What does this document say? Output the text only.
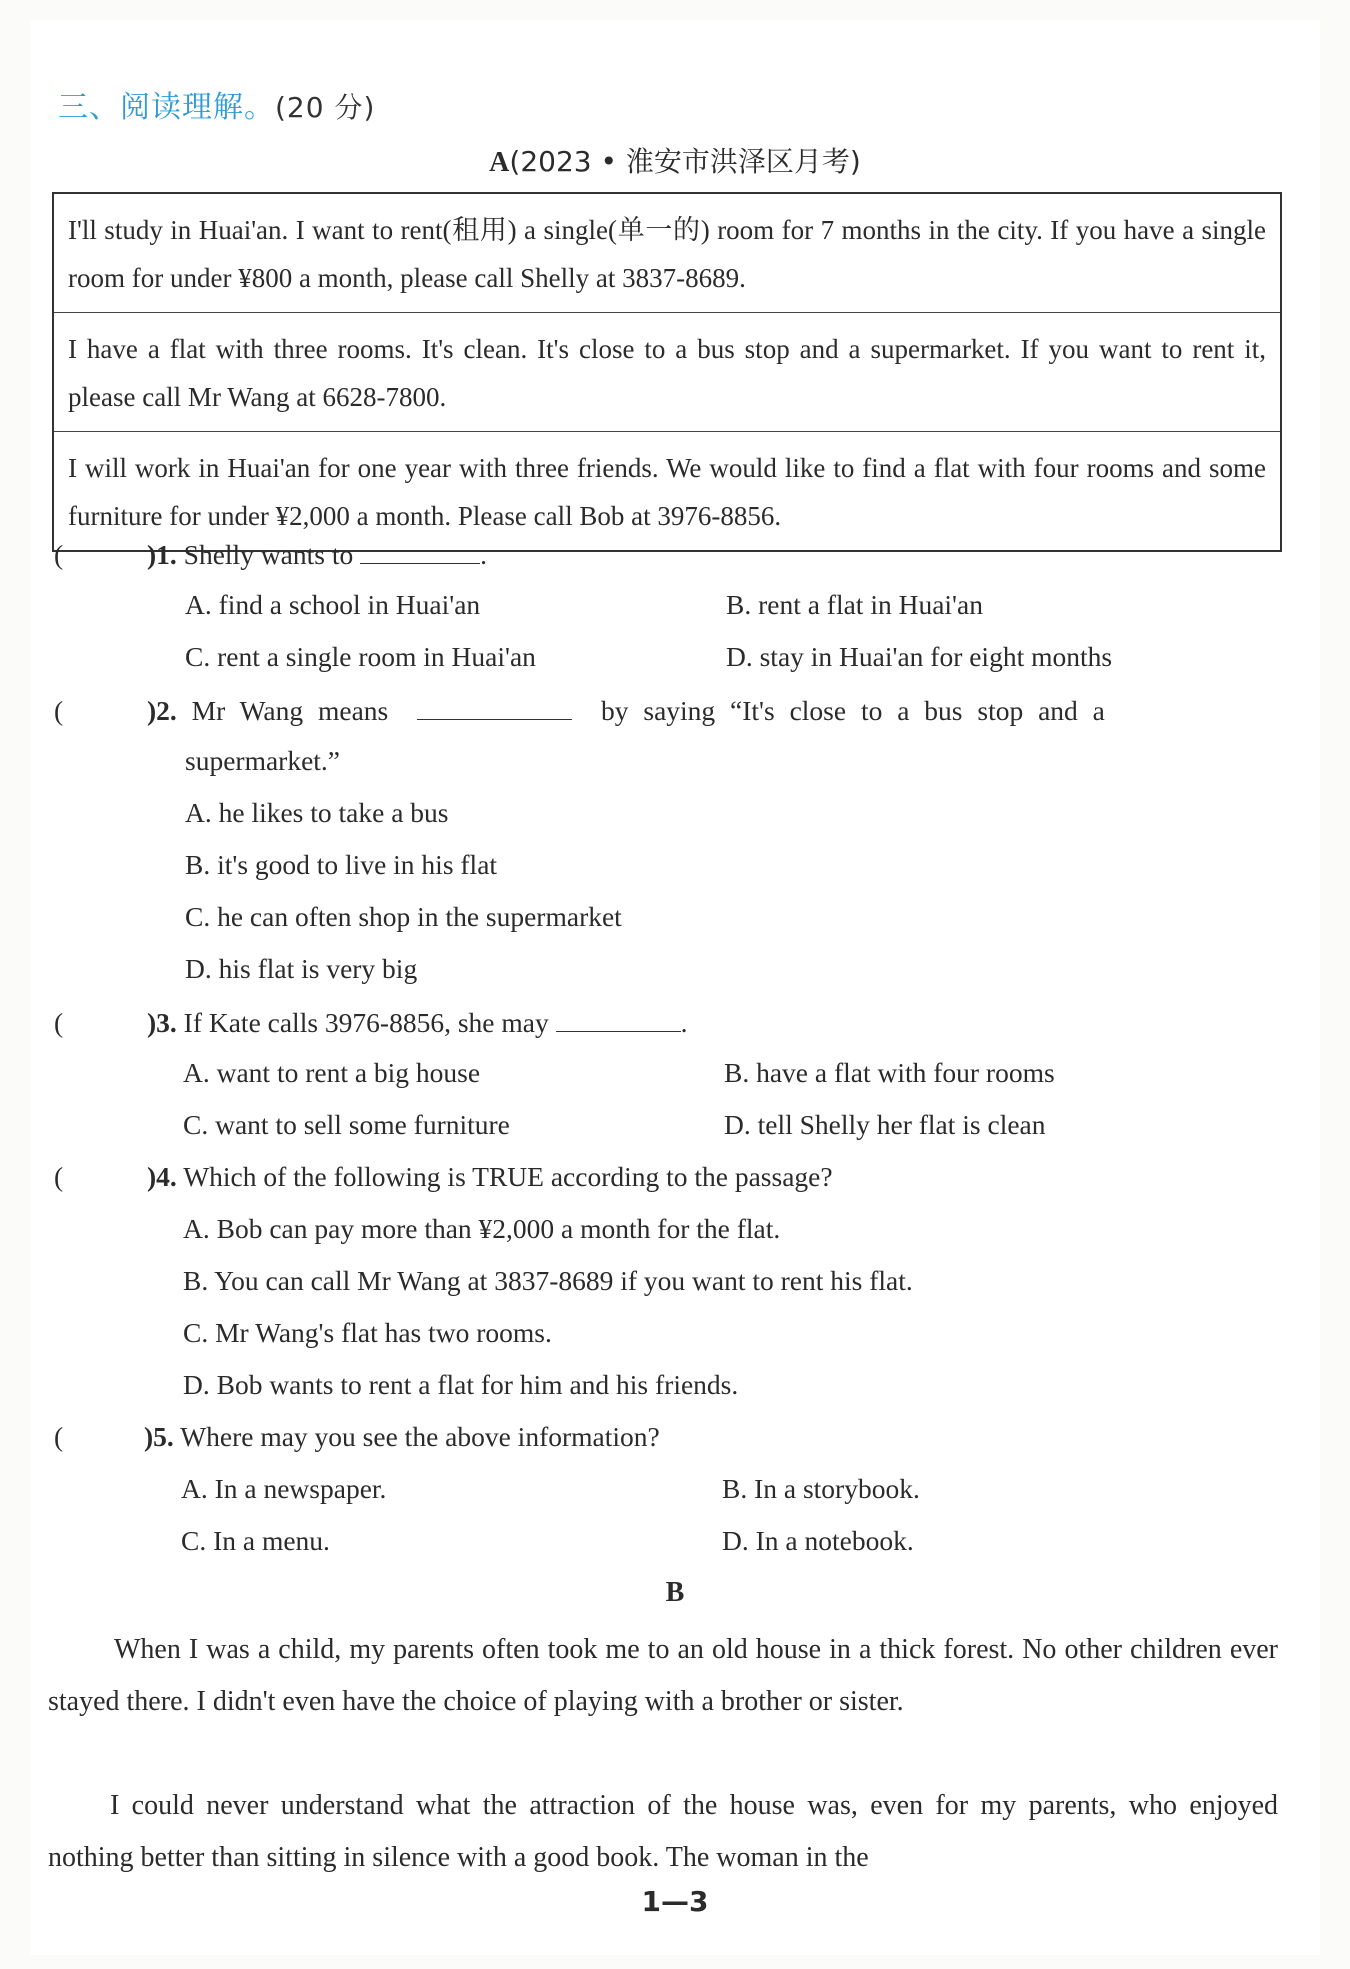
三、阅读理解。(20 分)
A(2023 • 淮安市洪泽区月考)
I'll study in Huai'an. I want to rent(租用) a single(单一的) room for 7 months in the city. If you have a single room for under ¥800 a month, please call Shelly at 3837-8689.
I have a flat with three rooms. It's clean. It's close to a bus stop and a supermarket. If you want to rent it, please call Mr Wang at 6628-7800.
I will work in Huai'an for one year with three friends. We would like to find a flat with four rooms and some furniture for under ¥2,000 a month. Please call Bob at 3976-8856.
(	)1. Shelly wants to	.
A. find a school in Huai'an	B. rent a flat in Huai'an
C. rent a single room in Huai'an	D. stay in Huai'an for eight months
(	)2. Mr Wang means	by saying “It's close to a bus stop and a
supermarket.”
A. he likes to take a bus
B. it's good to live in his flat
C. he can often shop in the supermarket
D. his flat is very big
(	)3. If Kate calls 3976-8856, she may	.
A. want to rent a big house	B. have a flat with four rooms
C. want to sell some furniture	D. tell Shelly her flat is clean
(	)4. Which of the following is TRUE according to the passage?
A. Bob can pay more than ¥2,000 a month for the flat.
B. You can call Mr Wang at 3837-8689 if you want to rent his flat.
C. Mr Wang's flat has two rooms.
D. Bob wants to rent a flat for him and his friends.
(	)5. Where may you see the above information?
A. In a newspaper.	B. In a storybook.
C. In a menu.	D. In a notebook.
B
When I was a child, my parents often took me to an old house in a thick forest. No other children ever stayed there. I didn't even have the choice of playing with a brother or sister.
I could never understand what the attraction of the house was, even for my parents, who enjoyed nothing better than sitting in silence with a good book. The woman in the
1—3
